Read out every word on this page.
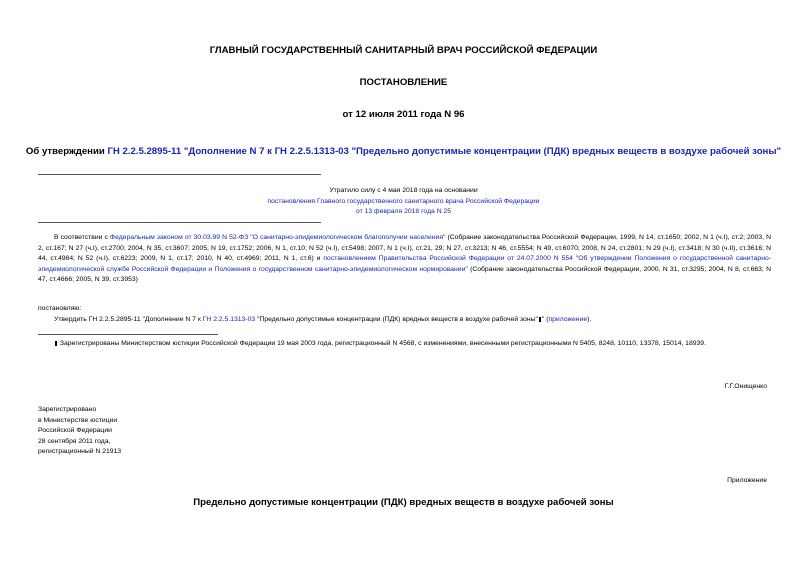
ГЛАВНЫЙ ГОСУДАРСТВЕННЫЙ САНИТАРНЫЙ ВРАЧ РОССИЙСКОЙ ФЕДЕРАЦИИ
ПОСТАНОВЛЕНИЕ
от 12 июля 2011 года N 96
Об утверждении ГН 2.2.5.2895-11 "Дополнение N 7 к ГН 2.2.5.1313-03 "Предельно допустимые концентрации (ПДК) вредных веществ в воздухе рабочей зоны"
Утратило силу с 4 мая 2018 года на основании
постановления Главного государственного санитарного врача Российской Федерации
от 13 февраля 2018 года N 25
В соответствии с Федеральным законом от 30.03.99 N 52-ФЗ "О санитарно-эпидемиологическом благополучии населения" (Собрание законодательства Российской Федерации, 1999, N 14, ст.1650; 2002, N 1 (ч.I), ст.2; 2003, N 2, ст.167; N 27 (ч.I), ст.2700; 2004, N 35, ст.3607; 2005, N 19, ст.1752; 2006, N 1, ст.10; N 52 (ч.I), ст.5498; 2007, N 1 (ч.I), ст.21, 29; N 27, ст.3213; N 46, ст.5554; N 49, ст.6070; 2008, N 24, ст.2801; N 29 (ч.I), ст.3418; N 30 (ч.II), ст.3616; N 44, ст.4984; N 52 (ч.I), ст.6223; 2009, N 1, ст.17; 2010, N 40, ст.4969; 2011, N 1, ст.6) и постановлением Правительства Российской Федерации от 24.07.2000 N 554 "Об утверждении Положения о государственной санитарно-эпидемиологической службе Российской Федерации и Положения о государственном санитарно-эпидемиологическом нормировании" (Собрание законодательства Российской Федерации, 2000, N 31, ст.3295; 2004, N 8, ст.663; N 47, ст.4666; 2005, N 39, ст.3953)
постановляю:
Утвердить ГН 2.2.5.2895-11 "Дополнение N 7 к ГН 2.2.5.1313-03 "Предельно допустимые концентрации (ПДК) вредных веществ в воздухе рабочей зоны" " (приложение).
Зарегистрированы Министерством юстиции Российской Федерации 19 мая 2003 года, регистрационный N 4568, с изменениями, внесенными регистрационными N 5405, 8248, 10110, 13378, 15014, 18939.
Г.Г.Онищенко
Зарегистрировано
в Министерстве юстиции
Российской Федерации
28 сентября 2011 года,
регистрационный N 21913
Приложение
Предельно допустимые концентрации (ПДК) вредных веществ в воздухе рабочей зоны
